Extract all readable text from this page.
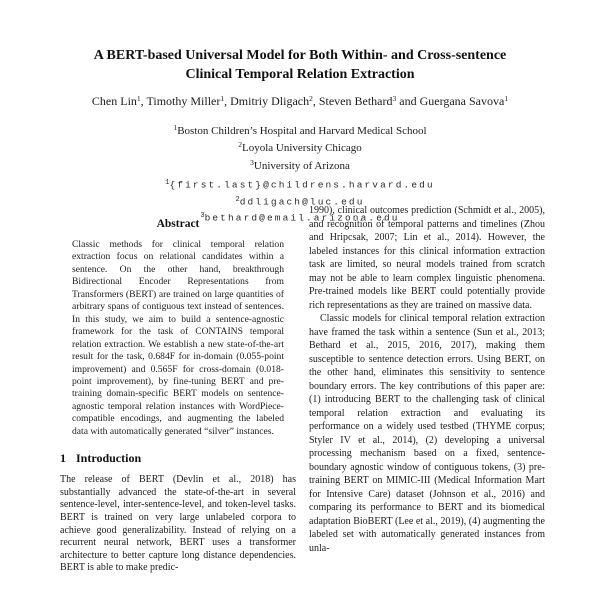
A BERT-based Universal Model for Both Within- and Cross-sentence
Clinical Temporal Relation Extraction
Chen Lin$^1$, Timothy Miller$^1$, Dmitriy Dligach$^2$, Steven Bethard$^3$ and Guergana Savova$^1$
$^1$Boston Children’s Hospital and Harvard Medical School
$^2$Loyola University Chicago
$^3$University of Arizona
$^1${first.last}@childrens.harvard.edu
$^2$ddligach@luc.edu
$^3$bethard@email.arizona.edu
Abstract

Classic methods for clinical temporal relation extraction focus on relational candidates within a sentence. On the other hand, breakthrough Bidirectional Encoder Representations from Transformers (BERT) are trained on large quantities of arbitrary spans of contiguous text instead of sentences. In this study, we aim to build a sentence-agnostic framework for the task of CONTAINS temporal relation extraction. We establish a new state-of-the-art result for the task, 0.684F for in-domain (0.055-point improvement) and 0.565F for cross-domain (0.018-point improvement), by fine-tuning BERT and pre-training domain-specific BERT models on sentence-agnostic temporal relation instances with WordPiece-compatible encodings, and augmenting the labeled data with automatically generated “silver” instances.

1 Introduction

The release of BERT (Devlin et al., 2018) has substantially advanced the state-of-the-art in several sentence-level, inter-sentence-level, and token-level tasks. BERT is trained on very large unlabeled corpora to achieve good generalizability. Instead of relying on a recurrent neural network, BERT uses a transformer architecture to better capture long distance dependencies. BERT is able to make predic-

1990), clinical outcomes prediction (Schmidt et al., 2005), and recognition of temporal patterns and timelines (Zhou and Hripcsak, 2007; Lin et al., 2014). However, the labeled instances for this clinical information extraction task are limited, so neural models trained from scratch may not be able to learn complex linguistic phenomena. Pre-trained models like BERT could potentially provide rich representations as they are trained on massive data.

Classic models for clinical temporal relation extraction have framed the task within a sentence (Sun et al., 2013; Bethard et al., 2015, 2016, 2017), making them susceptible to sentence detection errors. Using BERT, on the other hand, eliminates this sensitivity to sentence boundary errors. The key contributions of this paper are: (1) introducing BERT to the challenging task of clinical temporal relation extraction and evaluating its performance on a widely used testbed (THYME corpus; Styler IV et al., 2014), (2) developing a universal processing mechanism based on a fixed, sentence-boundary agnostic window of contiguous tokens, (3) pre-training BERT on MIMIC-III (Medical Information Mart for Intensive Care) dataset (Johnson et al., 2016) and comparing its performance to BERT and its biomedical adaptation BioBERT (Lee et al., 2019), (4) augmenting the labeled set with automatically generated instances from unla-
